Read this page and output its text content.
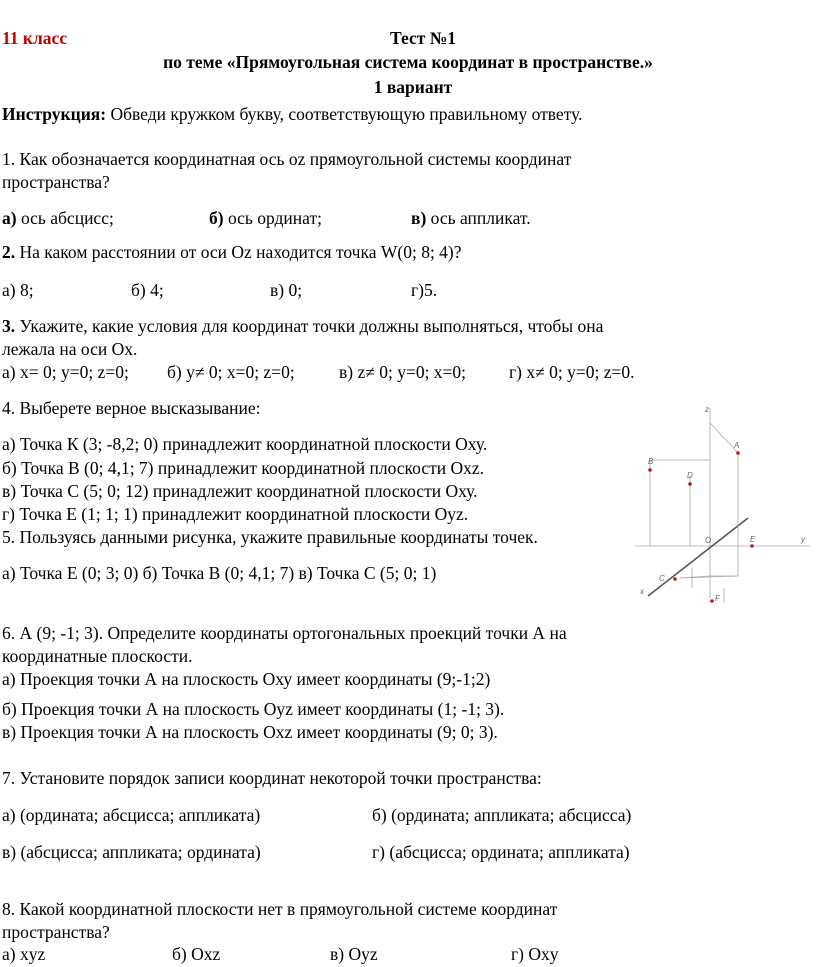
11 класс	Тест №1
по теме «Прямоугольная система координат в пространстве.»
1 вариант
Инструкция: Обведи кружком букву, соответствующую правильному ответу.
1. Как обозначается координатная ось oz прямоугольной системы координат
пространства?
а) ось абсцисс;	б) ось ординат;	в) ось аппликат.
2. На каком расстоянии от оси Oz находится точка W(0; 8; 4)?
а) 8;	б) 4;	в) 0;	г)5.
3. Укажите, какие условия для координат точки должны выполняться, чтобы она
лежала на оси Ox.
а) x= 0; y=0; z=0; б) y≠ 0; x=0; z=0;	в) z≠ 0; y=0; x=0; г) x≠ 0; y=0; z=0.
4. Выберете верное высказывание:
а) Точка К (3; -8,2; 0) принадлежит координатной плоскости Оху.
б) Точка В (0; 4,1; 7) принадлежит координатной плоскости Охz.
в) Точка С (5; 0; 12) принадлежит координатной плоскости Оху.
г) Точка Е (1; 1; 1) принадлежит координатной плоскости Оуz.
5. Пользуясь данными рисунка, укажите правильные координаты точек.
а) Точка E (0; 3; 0) б) Точка B (0; 4,1; 7) в) Точка C (5; 0; 1)
z
y
x
O
A
B
C
D
E
F
6. А (9; -1; 3). Определите координаты ортогональных проекций точки А на
координатные плоскости.
а) Проекция точки А на плоскость Оху имеет координаты (9;-1;2)
б) Проекция точки А на плоскость Оуz имеет координаты (1; -1; 3).
в) Проекция точки А на плоскость Охz имеет координаты (9; 0; 3).
7. Установите порядок записи координат некоторой точки пространства:
а) (ордината; абсцисса; аппликата)	б) (ордината; аппликата; абсцисса)
в) (абсцисса; аппликата; ордината)	г) (абсцисса; ордината; аппликата)
8. Какой координатной плоскости нет в прямоугольной системе координат
пространства?
а) xyz	б) Oxz	в) Oyz	г) Oxy
